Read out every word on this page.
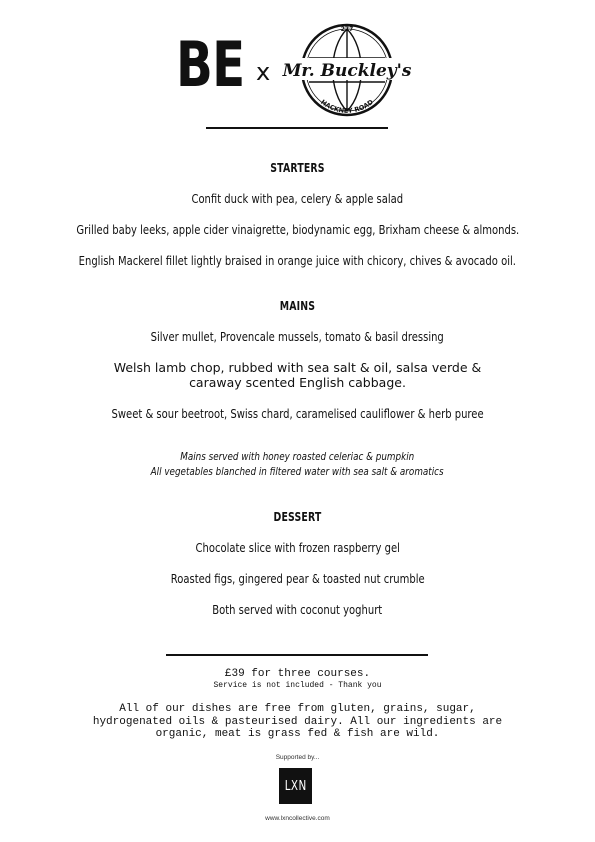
BE x Mr. Buckley's
277
HACKNEY ROAD
STARTERS
Confit duck with pea, celery & apple salad
Grilled baby leeks, apple cider vinaigrette, biodynamic egg, Brixham cheese & almonds.
English Mackerel fillet lightly braised in orange juice with chicory, chives & avocado oil.
MAINS
Silver mullet, Provencale mussels, tomato & basil dressing
Welsh lamb chop, rubbed with sea salt & oil, salsa verde & caraway scented English cabbage.
Sweet & sour beetroot, Swiss chard, caramelised cauliflower & herb puree
Mains served with honey roasted celeriac & pumpkin
All vegetables blanched in filtered water with sea salt & aromatics
DESSERT
Chocolate slice with frozen raspberry gel
Roasted figs, gingered pear & toasted nut crumble
Both served with coconut yoghurt
£39 for three courses.
Service is not included - Thank you
All of our dishes are free from gluten, grains, sugar, hydrogenated oils & pasteurised dairy. All our ingredients are organic, meat is grass fed & fish are wild.
Supported by...
LXN
www.lxncollective.com
